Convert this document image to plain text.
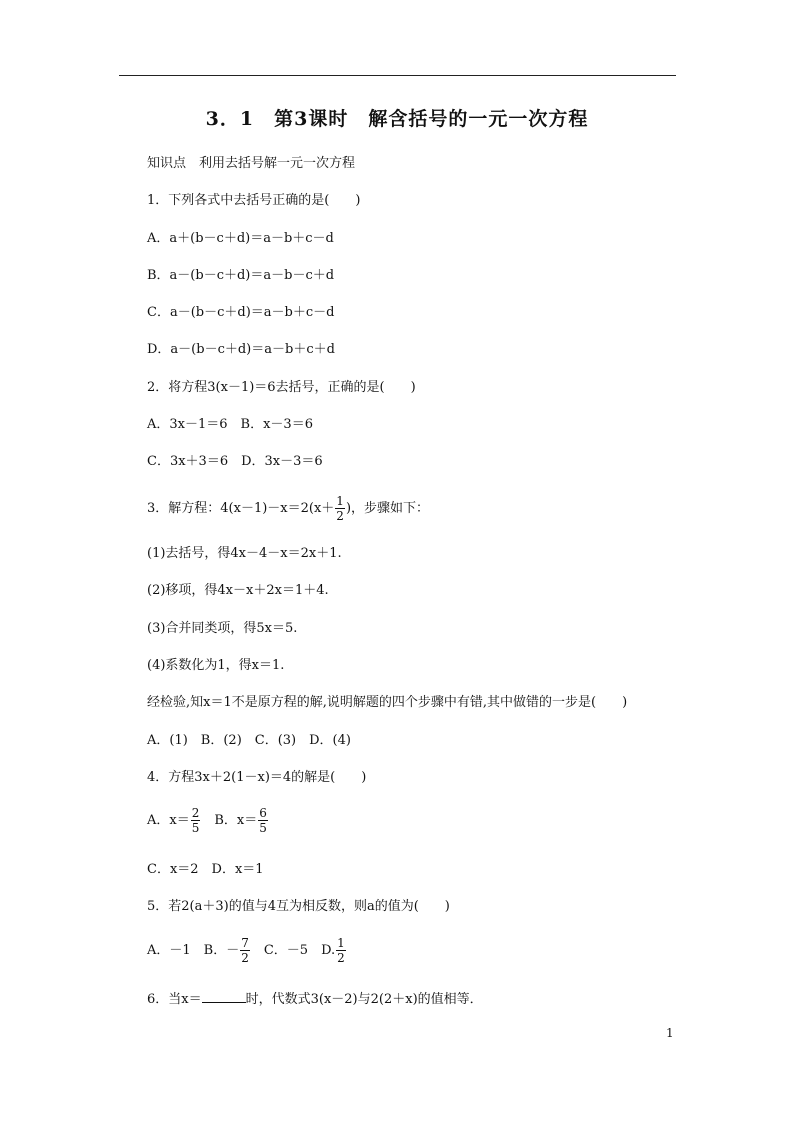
3．1　第3课时　解含括号的一元一次方程
知识点　利用去括号解一元一次方程
1．下列各式中去括号正确的是(　　)
A．a＋(b－c＋d)＝a－b＋c－d
B．a－(b－c＋d)＝a－b－c＋d
C．a－(b－c＋d)＝a－b＋c－d
D．a－(b－c＋d)＝a－b＋c＋d
2．将方程3(x－1)＝6去括号，正确的是(　　)
A．3x－1＝6　B．x－3＝6
C．3x＋3＝6　D．3x－3＝6
3．解方程：$4(x-1)-x=2(x+ \frac{1}{2}$ )，步骤如下：
(1)去括号，得4x－4－x＝2x＋1.
(2)移项，得4x－x＋2x＝1＋4.
(3)合并同类项，得5x＝5.
(4)系数化为1，得x＝1.
经检验,知x＝1不是原方程的解,说明解题的四个步骤中有错,其中做错的一步是(　　)
A．(1)　B．(2)　C．(3)　D．(4)
4．方程3x＋2(1－x)＝4的解是(　　)
A．$x= \frac{2}{5}$ 　B．$x= \frac{6}{5}$
C．x＝2　D．x＝1
5．若2(a＋3)的值与4互为相反数，则a的值为(　　)
A．－1　B．－ $\frac{7}{2}$ 　C．－5　D. $\frac{1}{2}$
6．当x＝	时，代数式3(x－2)与2(2＋x)的值相等．
1
